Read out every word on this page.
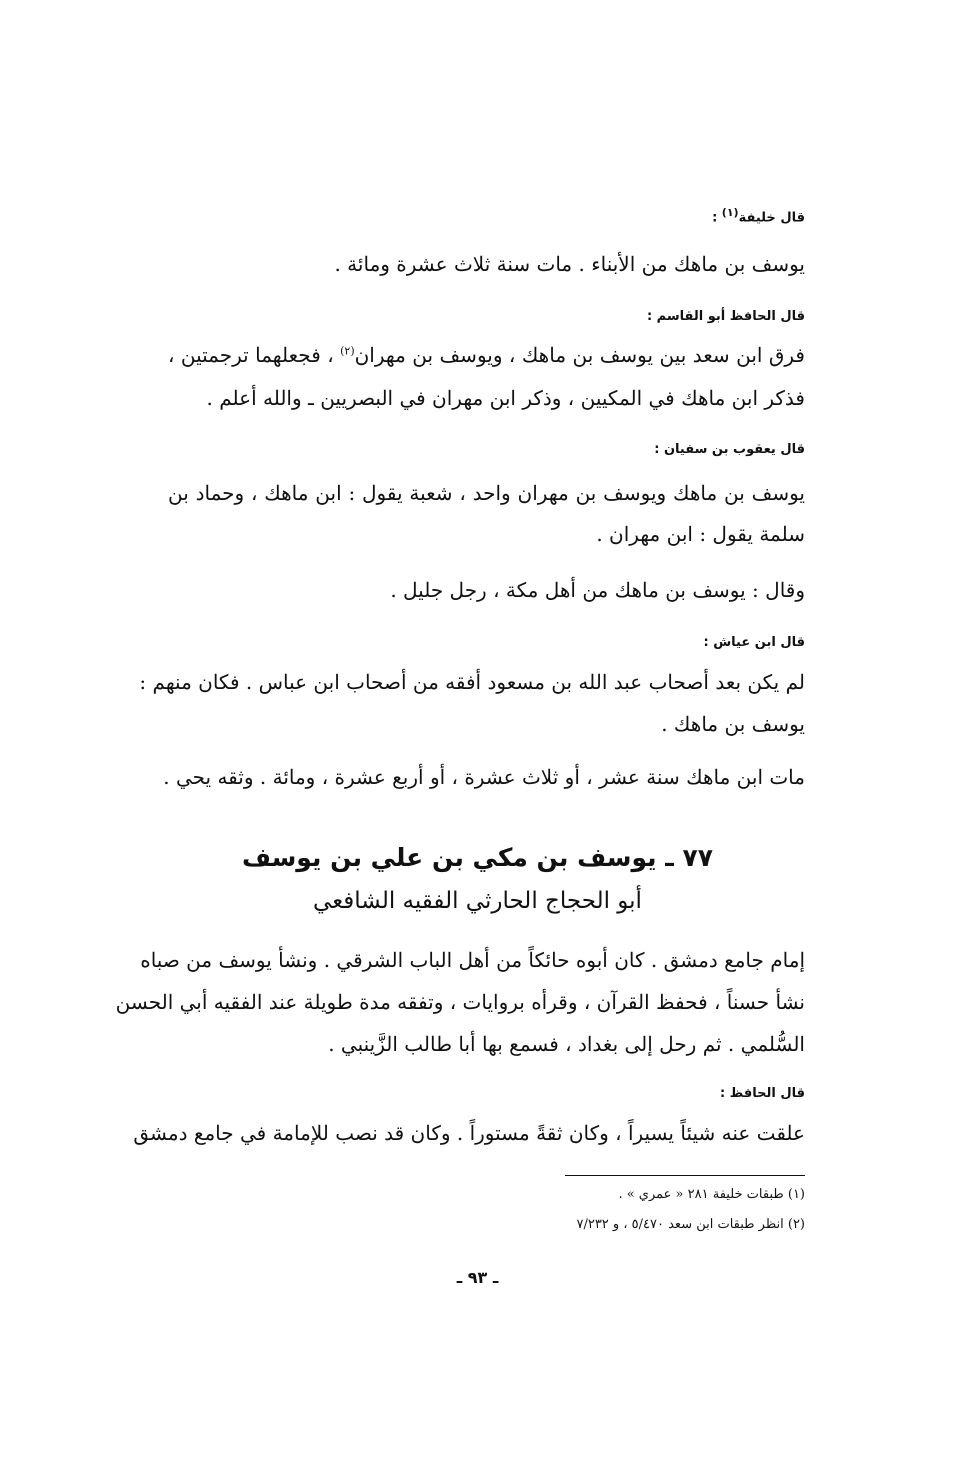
قال خليفة$^{(١)}$ :
يوسف بن ماهك من الأبناء . مات سنة ثلاث عشرة ومائة .
قال الحافظ أبو القاسم :
فرق ابن سعد بين يوسف بن ماهك ، ويوسف بن مهران$^{(٢)}$ ، فجعلهما ترجمتين ،
فذكر ابن ماهك في المكيين ، وذكر ابن مهران في البصريين ـ والله أعلم .
قال يعقوب بن سفيان :
يوسف بن ماهك ويوسف بن مهران واحد ، شعبة يقول : ابن ماهك ، وحماد بن
سلمة يقول : ابن مهران .
وقال : يوسف بن ماهك من أهل مكة ، رجل جليل .
قال ابن عياش :
لم يكن بعد أصحاب عبد الله بن مسعود أفقه من أصحاب ابن عباس . فكان منهم :
يوسف بن ماهك .
مات ابن ماهك سنة عشر ، أو ثلاث عشرة ، أو أربع عشرة ، ومائة . وثقه يحي .
٧٧ ـ يوسف بن مكي بن علي بن يوسف
أبو الحجاج الحارثي الفقيه الشافعي
إمام جامع دمشق . كان أبوه حائكاً من أهل الباب الشرقي . ونشأ يوسف من صباه
نشأ حسناً ، فحفظ القرآن ، وقرأه بروايات ، وتفقه مدة طويلة عند الفقيه أبي الحسن
السُّلمي . ثم رحل إلى بغداد ، فسمع بها أبا طالب الزَّينبي .
قال الحافظ :
علقت عنه شيئاً يسيراً ، وكان ثقةً مستوراً . وكان قد نصب للإمامة في جامع دمشق
(١) طبقات خليفة ٢٨١ « عمري » .
(٢) انظر طبقات ابن سعد ٥/٤٧٠ ، و ٧/٢٣٢
ـ ٩٣ ـ
